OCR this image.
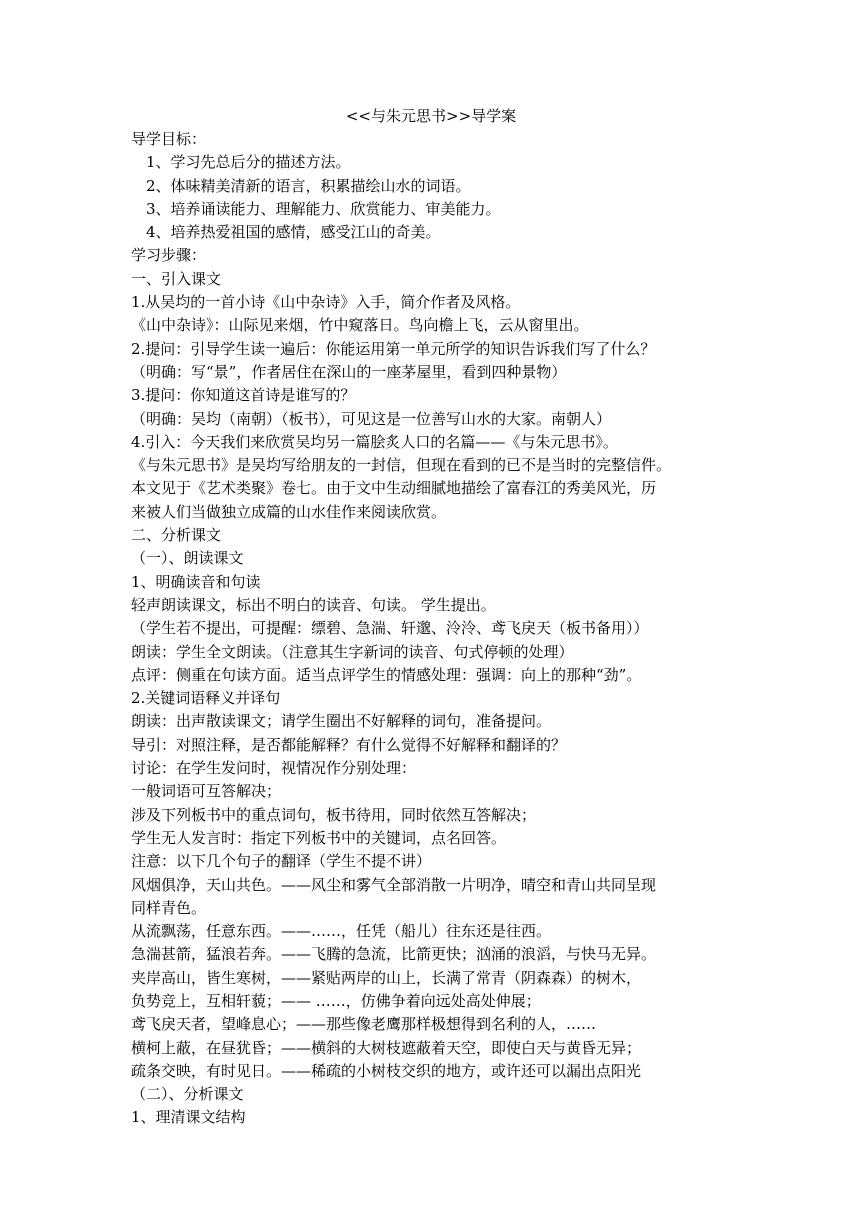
<<与朱元思书>>导学案
导学目标：
1、学习先总后分的描述方法。
2、体味精美清新的语言，积累描绘山水的词语。
3、培养诵读能力、理解能力、欣赏能力、审美能力。
4、培养热爱祖国的感情，感受江山的奇美。
学习步骤：
一、引入课文
1.从吴均的一首小诗《山中杂诗》入手，简介作者及风格。
《山中杂诗》：山际见来烟，竹中窥落日。鸟向檐上飞，云从窗里出。
2.提问：引导学生读一遍后：你能运用第一单元所学的知识告诉我们写了什么？
（明确：写“景”，作者居住在深山的一座茅屋里，看到四种景物）
3.提问：你知道这首诗是谁写的？
（明确：吴均（南朝）（板书），可见这是一位善写山水的大家。南朝人）
4.引入：今天我们来欣赏吴均另一篇脍炙人口的名篇——《与朱元思书》。
《与朱元思书》是吴均写给朋友的一封信，但现在看到的已不是当时的完整信件。
本文见于《艺术类聚》卷七。由于文中生动细腻地描绘了富春江的秀美风光，历
来被人们当做独立成篇的山水佳作来阅读欣赏。
二、分析课文
（一）、朗读课文
1、明确读音和句读
轻声朗读课文，标出不明白的读音、句读。 学生提出。
（学生若不提出，可提醒：缥碧、急湍、轩邈、泠泠、鸢飞戾天（板书备用））
朗读：学生全文朗读。（注意其生字新词的读音、句式停顿的处理）
点评：侧重在句读方面。适当点评学生的情感处理：强调：向上的那种“劲”。
2.关键词语释义并译句
朗读：出声散读课文；请学生圈出不好解释的词句，准备提问。
导引：对照注释，是否都能解释？有什么觉得不好解释和翻译的？
讨论：在学生发问时，视情况作分别处理：
一般词语可互答解决；
涉及下列板书中的重点词句，板书待用，同时依然互答解决；
学生无人发言时：指定下列板书中的关键词，点名回答。
注意：以下几个句子的翻译（学生不提不讲）
风烟俱净，天山共色。——风尘和雾气全部消散一片明净，晴空和青山共同呈现
同样青色。
从流飘荡，任意东西。——……，任凭（船儿）往东还是往西。
急湍甚箭，猛浪若奔。——飞腾的急流，比箭更快；汹涌的浪滔，与快马无异。
夹岸高山，皆生寒树，——紧贴两岸的山上，长满了常青（阴森森）的树木，
负势竞上，互相轩藐；—— ……，仿佛争着向远处高处伸展；
鸢飞戾天者，望峰息心；——那些像老鹰那样极想得到名利的人，……
横柯上蔽，在昼犹昏；——横斜的大树枝遮蔽着天空，即使白天与黄昏无异；
疏条交映，有时见日。——稀疏的小树枝交织的地方，或许还可以漏出点阳光
（二）、分析课文
1、理清课文结构
